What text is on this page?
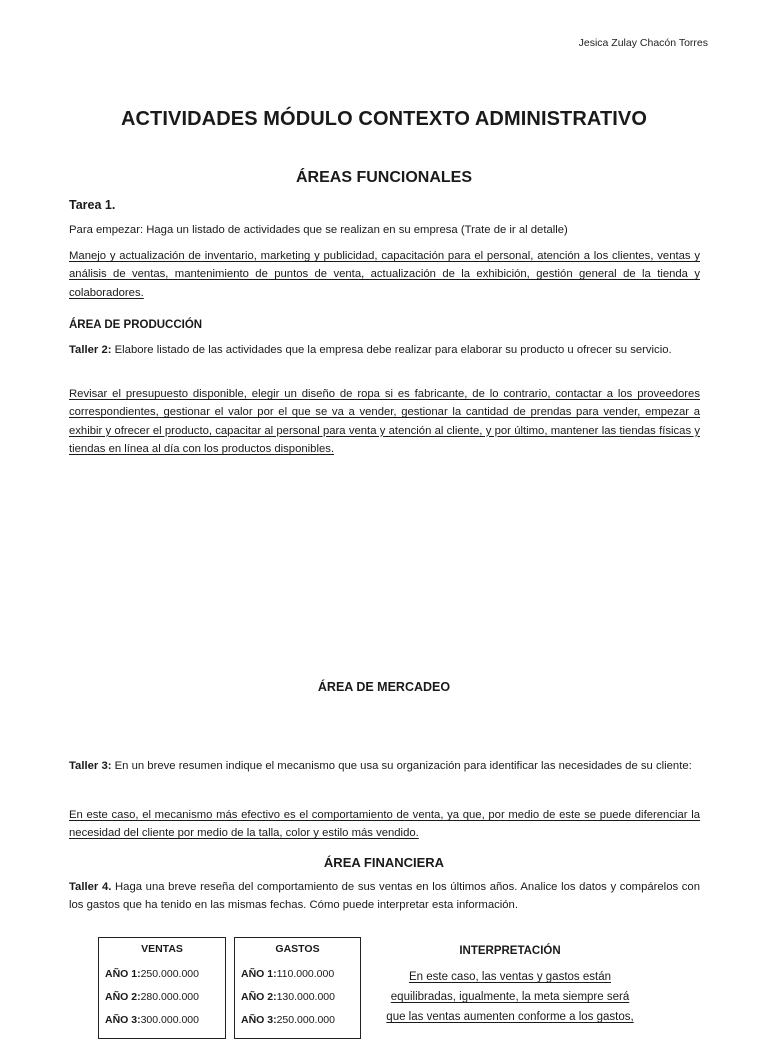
Jesica Zulay Chacón Torres
ACTIVIDADES MÓDULO CONTEXTO ADMINISTRATIVO
ÁREAS FUNCIONALES
Tarea 1.
Para empezar: Haga un listado de actividades que se realizan en su empresa (Trate de ir al detalle)
Manejo y actualización de inventario, marketing y publicidad, capacitación para el personal, atención a los clientes, ventas y análisis de ventas, mantenimiento de puntos de venta, actualización de la exhibición, gestión general de la tienda y colaboradores.
ÁREA DE PRODUCCIÓN
Taller 2: Elabore listado de las actividades que la empresa debe realizar para elaborar su producto u ofrecer su servicio.
Revisar el presupuesto disponible, elegir un diseño de ropa si es fabricante, de lo contrario, contactar a los proveedores correspondientes, gestionar el valor por el que se va a vender, gestionar la cantidad de prendas para vender, empezar a exhibir y ofrecer el producto, capacitar al personal para venta y atención al cliente, y por último, mantener las tiendas físicas y tiendas en línea al día con los productos disponibles.
ÁREA DE MERCADEO
Taller 3: En un breve resumen indique el mecanismo que usa su organización para identificar las necesidades de su cliente:
En este caso, el mecanismo más efectivo es el comportamiento de venta, ya que, por medio de este se puede diferenciar la necesidad del cliente por medio de la talla, color y estilo más vendido.
ÁREA FINANCIERA
Taller 4. Haga una breve reseña del comportamiento de sus ventas en los últimos años. Analice los datos y compárelos con los gastos que ha tenido en las mismas fechas. Cómo puede interpretar esta información.
VENTAS
AÑO 1:250.000.000
AÑO 2:280.000.000
AÑO 3:300.000.000
GASTOS
AÑO 1:110.000.000
AÑO 2:130.000.000
AÑO 3:250.000.000
INTERPRETACIÓN
En este caso, las ventas y gastos están equilibradas, igualmente, la meta siempre será que las ventas aumenten conforme a los gastos,
